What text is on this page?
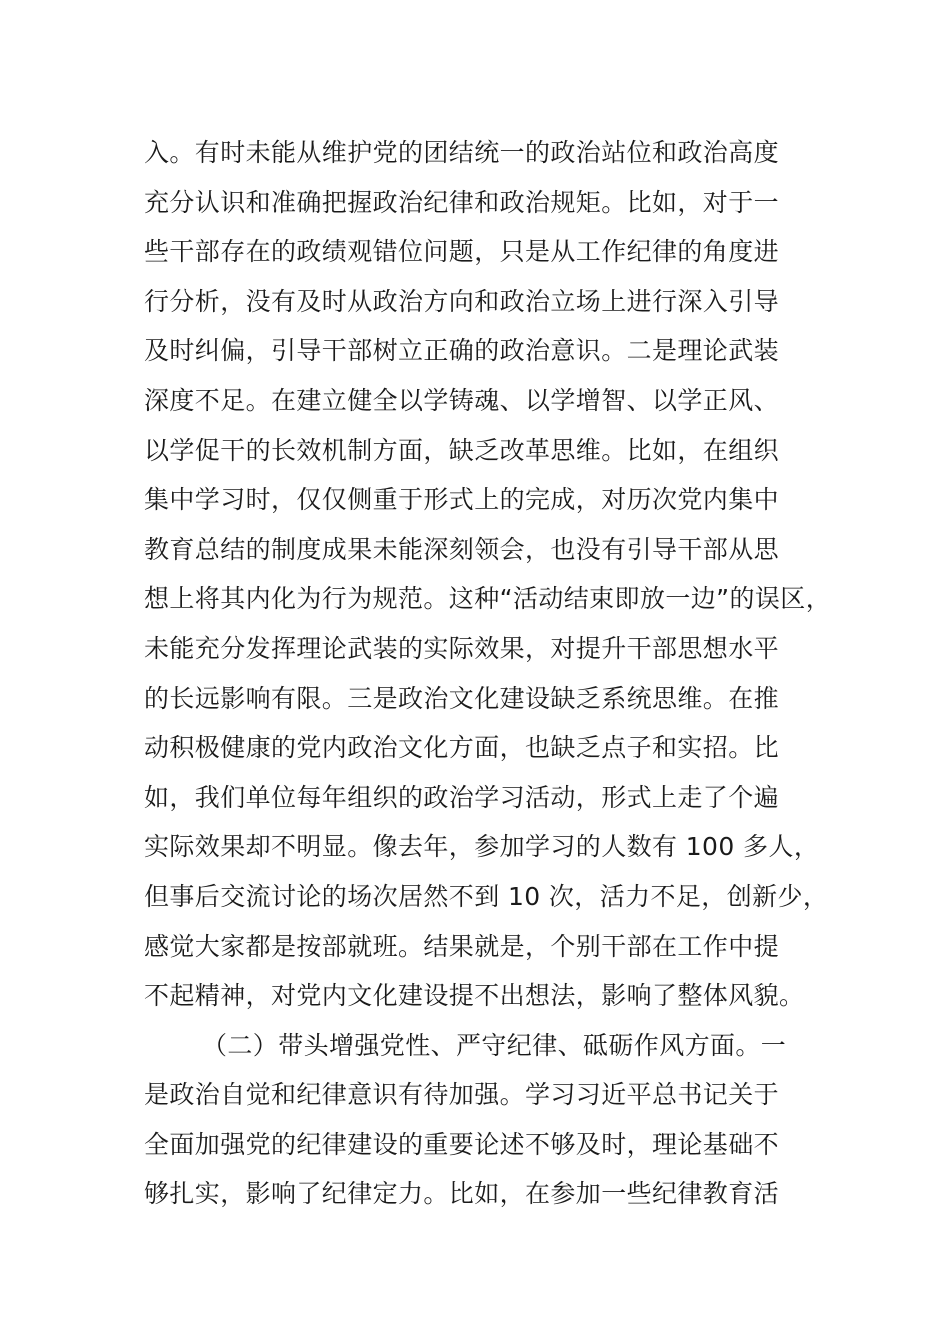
入。有时未能从维护党的团结统一的政治站位和政治高度
充分认识和准确把握政治纪律和政治规矩。比如，对于一
些干部存在的政绩观错位问题，只是从工作纪律的角度进
行分析，没有及时从政治方向和政治立场上进行深入引导
及时纠偏，引导干部树立正确的政治意识。二是理论武装
深度不足。在建立健全以学铸魂、以学增智、以学正风、
以学促干的长效机制方面，缺乏改革思维。比如，在组织
集中学习时，仅仅侧重于形式上的完成，对历次党内集中
教育总结的制度成果未能深刻领会，也没有引导干部从思
想上将其内化为行为规范。这种“活动结束即放一边”的误区，
未能充分发挥理论武装的实际效果，对提升干部思想水平
的长远影响有限。三是政治文化建设缺乏系统思维。在推
动积极健康的党内政治文化方面，也缺乏点子和实招。比
如，我们单位每年组织的政治学习活动，形式上走了个遍
实际效果却不明显。像去年，参加学习的人数有 100 多人，
但事后交流讨论的场次居然不到 10 次，活力不足，创新少，
感觉大家都是按部就班。结果就是，个别干部在工作中提
不起精神，对党内文化建设提不出想法，影响了整体风貌。
（二）带头增强党性、严守纪律、砥砺作风方面。一
是政治自觉和纪律意识有待加强。学习习近平总书记关于
全面加强党的纪律建设的重要论述不够及时，理论基础不
够扎实，影响了纪律定力。比如，在参加一些纪律教育活
